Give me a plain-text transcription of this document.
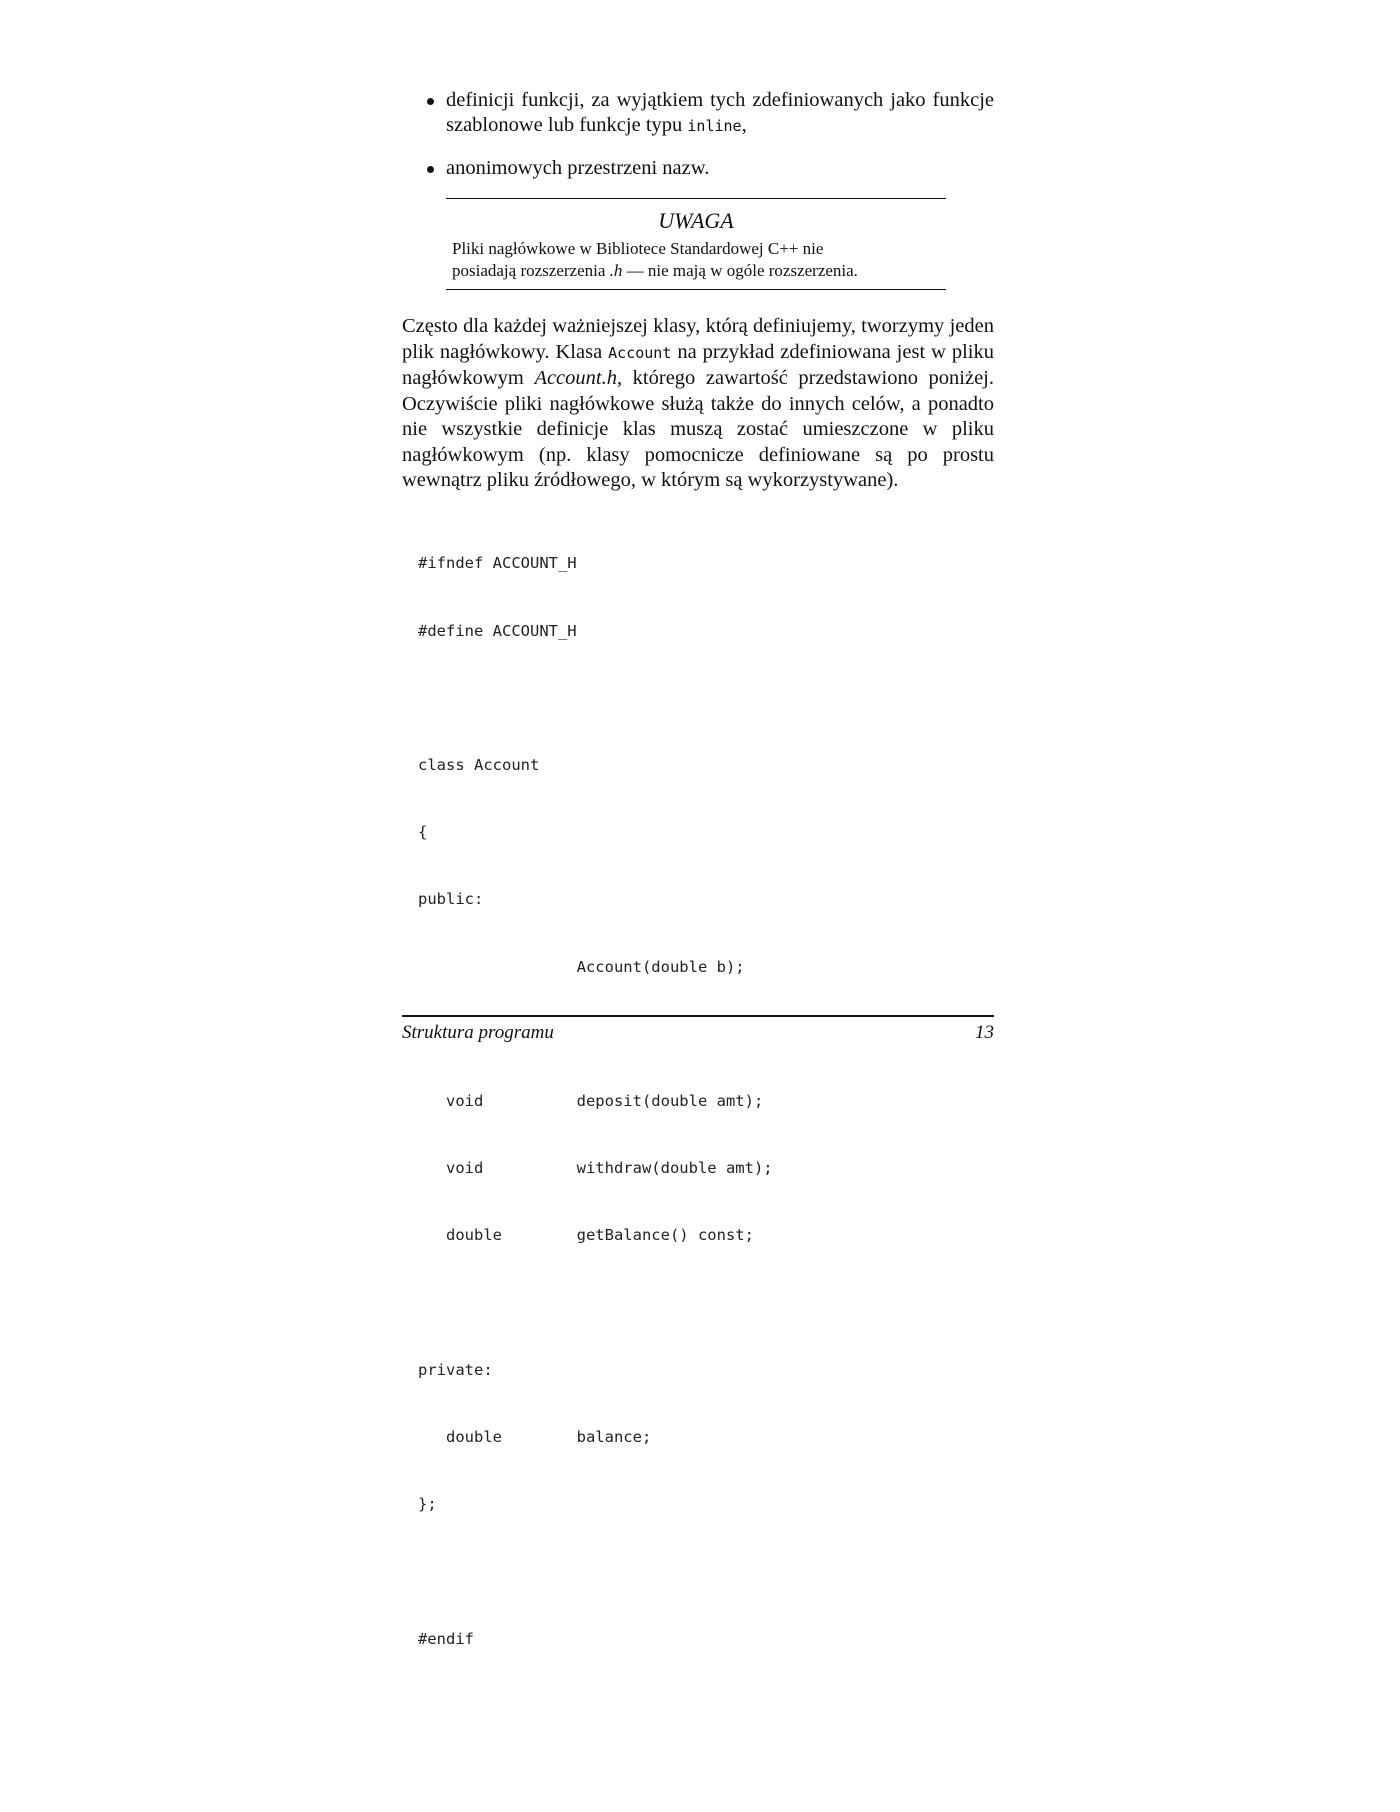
definicji funkcji, za wyjątkiem tych zdefiniowanych jako funkcje szablonowe lub funkcje typu inline,
anonimowych przestrzeni nazw.
UWAGA
Pliki nagłówkowe w Bibliotece Standardowej C++ nie
posiadają rozszerzenia .h — nie mają w ogóle rozszerzenia.

Często dla każdej ważniejszej klasy, którą definiujemy, tworzymy jeden plik nagłówkowy. Klasa Account na przykład zdefiniowana jest w pliku nagłówkowym Account.h, którego zawartość przedstawiono poniżej. Oczywiście pliki nagłówkowe służą także do innych celów, a ponadto nie wszystkie definicje klas muszą zostać umieszczone w pliku nagłówkowym (np. klasy pomocnicze definiowane są po prostu wewnątrz pliku źródłowego, w którym są wykorzystywane).

#ifndef ACCOUNT_H

#define ACCOUNT_H

class Account

{

public:

Account(double b);

void          deposit(double amt);

void          withdraw(double amt);

double        getBalance() const;

private:

double        balance;

};

#endif

Struktura programu	13
